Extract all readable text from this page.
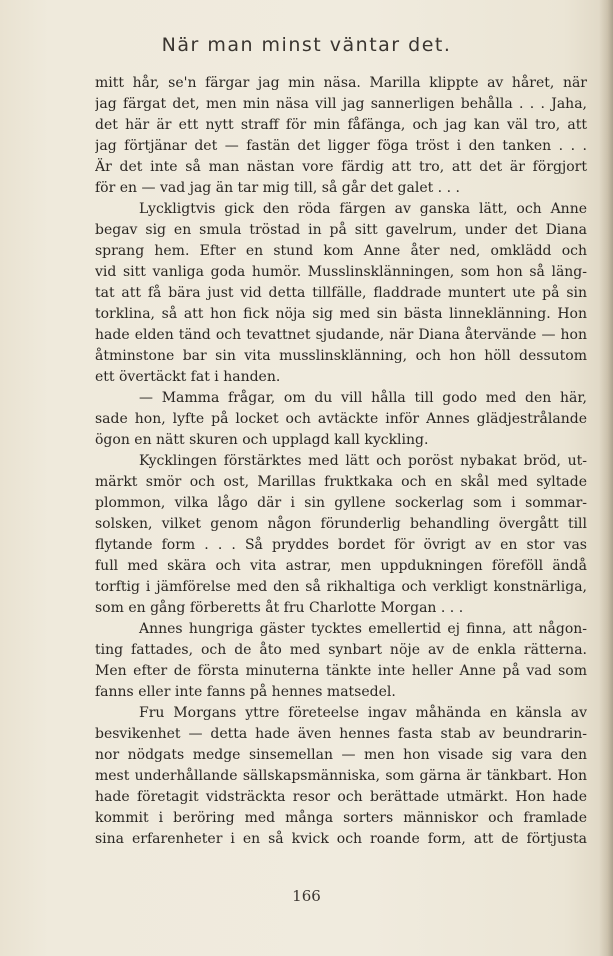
När man minst väntar det.
mitt hår, se'n färgar jag min näsa. Marilla klippte av håret, när
jag färgat det, men min näsa vill jag sannerligen behålla . . . Jaha,
det här är ett nytt straff för min fåfänga, och jag kan väl tro, att
jag förtjänar det — fastän det ligger föga tröst i den tanken . . .
Är det inte så man nästan vore färdig att tro, att det är förgjort
för en — vad jag än tar mig till, så går det galet . . .
Lyckligtvis gick den röda färgen av ganska lätt, och Anne
begav sig en smula tröstad in på sitt gavelrum, under det Diana
sprang hem. Efter en stund kom Anne åter ned, omklädd och
vid sitt vanliga goda humör. Musslinsklänningen, som hon så läng-
tat att få bära just vid detta tillfälle, fladdrade muntert ute på sin
torklina, så att hon fick nöja sig med sin bästa linneklänning. Hon
hade elden tänd och tevattnet sjudande, när Diana återvände — hon
åtminstone bar sin vita musslinsklänning, och hon höll dessutom
ett övertäckt fat i handen.
— Mamma frågar, om du vill hålla till godo med den här,
sade hon, lyfte på locket och avtäckte inför Annes glädjestrålande
ögon en nätt skuren och upplagd kall kyckling.
Kycklingen förstärktes med lätt och poröst nybakat bröd, ut-
märkt smör och ost, Marillas fruktkaka och en skål med syltade
plommon, vilka lågo där i sin gyllene sockerlag som i sommar-
solsken, vilket genom någon förunderlig behandling övergått till
flytande form . . . Så pryddes bordet för övrigt av en stor vas
full med skära och vita astrar, men uppdukningen föreföll ändå
torftig i jämförelse med den så rikhaltiga och verkligt konstnärliga,
som en gång förberetts åt fru Charlotte Morgan . . .
Annes hungriga gäster tycktes emellertid ej finna, att någon-
ting fattades, och de åto med synbart nöje av de enkla rätterna.
Men efter de första minuterna tänkte inte heller Anne på vad som
fanns eller inte fanns på hennes matsedel.
Fru Morgans yttre företeelse ingav måhända en känsla av
besvikenhet — detta hade även hennes fasta stab av beundrarin-
nor nödgats medge sinsemellan — men hon visade sig vara den
mest underhållande sällskapsmänniska, som gärna är tänkbart. Hon
hade företagit vidsträckta resor och berättade utmärkt. Hon hade
kommit i beröring med många sorters människor och framlade
sina erfarenheter i en så kvick och roande form, att de förtjusta
166
